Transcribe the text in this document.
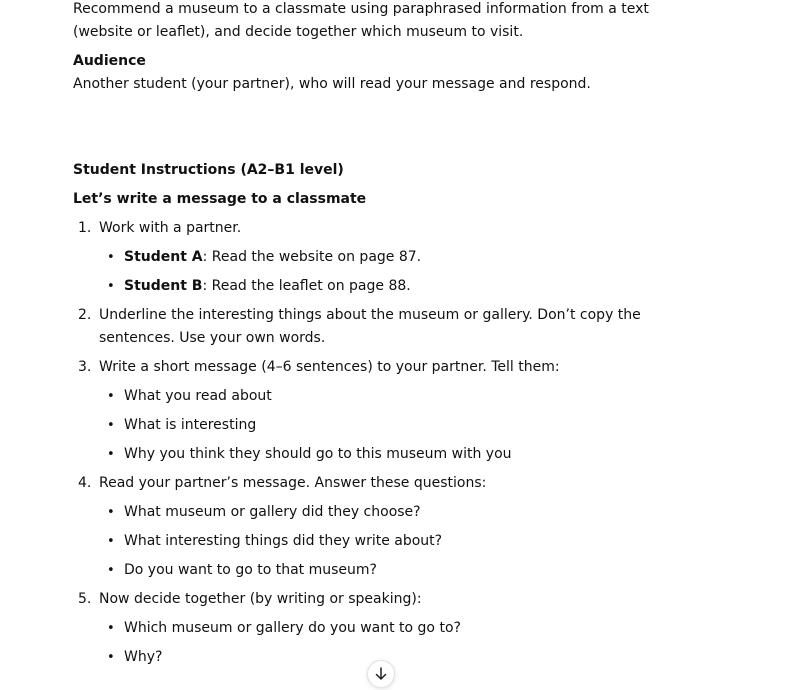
Recommend a museum to a classmate using paraphrased information from a text (website or leaflet), and decide together which museum to visit.

Audience

Another student (your partner), who will read your message and respond.

Student Instructions (A2–B1 level)
Let’s write a message to a classmate
1. Work with a partner.
• Student A: Read the website on page 87.
• Student B: Read the leaflet on page 88.
2. Underline the interesting things about the museum or gallery. Don’t copy the sentences. Use your own words.
3. Write a short message (4–6 sentences) to your partner. Tell them:
• What you read about
• What is interesting
• Why you think they should go to this museum with you
4. Read your partner’s message. Answer these questions:
• What museum or gallery did they choose?
• What interesting things did they write about?
• Do you want to go to that museum?
5. Now decide together (by writing or speaking):
• Which museum or gallery do you want to go to?
• Why?
